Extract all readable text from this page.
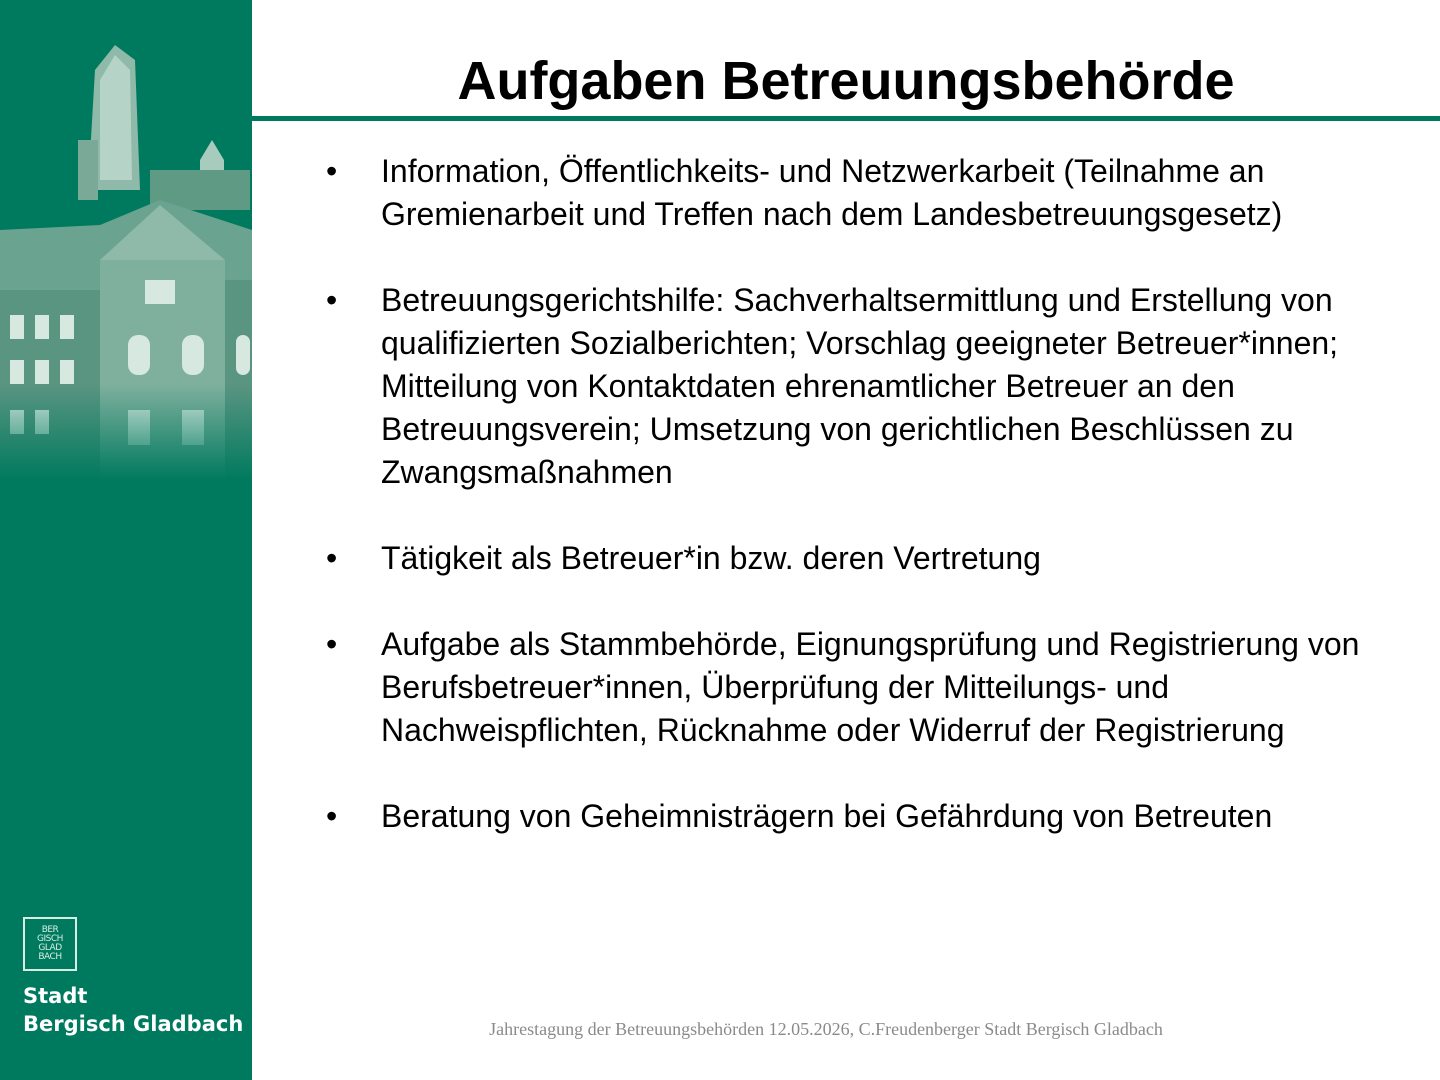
BER
GISCH
GLAD
BACH
Stadt
Bergisch Gladbach
Aufgaben Betreuungsbehörde
• Information, Öffentlichkeits- und Netzwerkarbeit (Teilnahme an Gremienarbeit und Treffen nach dem Landesbetreuungsgesetz)
• Betreuungsgerichtshilfe: Sachverhaltsermittlung und Erstellung von qualifizierten Sozialberichten; Vorschlag geeigneter Betreuer*innen; Mitteilung von Kontaktdaten ehrenamtlicher Betreuer an den Betreuungsverein; Umsetzung von gerichtlichen Beschlüssen zu Zwangsmaßnahmen
• Tätigkeit als Betreuer*in bzw. deren Vertretung
• Aufgabe als Stammbehörde, Eignungsprüfung und Registrierung von Berufsbetreuer*innen, Überprüfung der Mitteilungs- und Nachweispflichten, Rücknahme oder Widerruf der Registrierung
• Beratung von Geheimnisträgern bei Gefährdung von Betreuten
Jahrestagung der Betreuungsbehörden 12.05.2026, C.Freudenberger Stadt Bergisch Gladbach
